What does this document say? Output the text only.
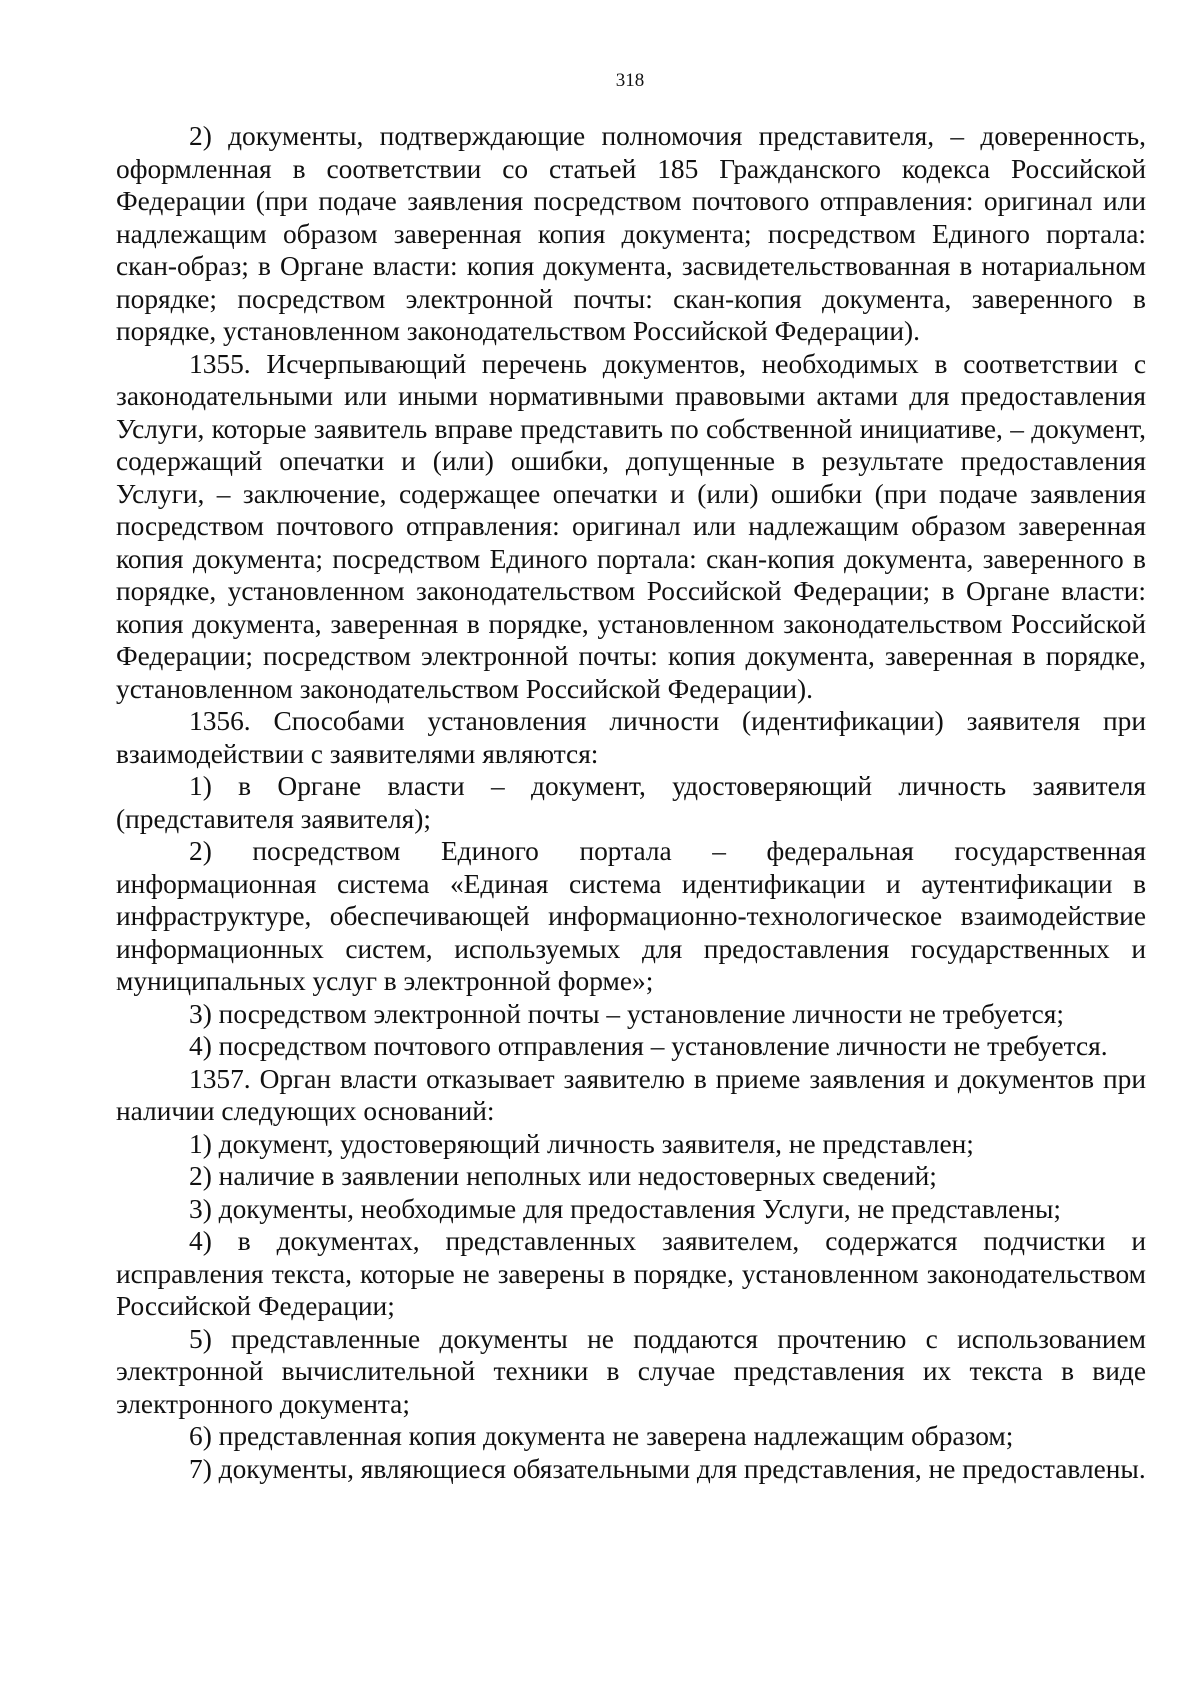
318

2) документы, подтверждающие полномочия представителя, – доверенность, оформленная в соответствии со статьей 185 Гражданского кодекса Российской Федерации (при подаче заявления посредством почтового отправления: оригинал или надлежащим образом заверенная копия документа; посредством Единого портала: скан-образ; в Органе власти: копия документа, засвидетельствованная в нотариальном порядке; посредством электронной почты: скан-копия документа, заверенного в порядке, установленном законодательством Российской Федерации).

1355. Исчерпывающий перечень документов, необходимых в соответствии с законодательными или иными нормативными правовыми актами для предоставления Услуги, которые заявитель вправе представить по собственной инициативе, – документ, содержащий опечатки и (или) ошибки, допущенные в результате предоставления Услуги, – заключение, содержащее опечатки и (или) ошибки (при подаче заявления посредством почтового отправления: оригинал или надлежащим образом заверенная копия документа; посредством Единого портала: скан-копия документа, заверенного в порядке, установленном законодательством Российской Федерации; в Органе власти: копия документа, заверенная в порядке, установленном законодательством Российской Федерации; посредством электронной почты: копия документа, заверенная в порядке, установленном законодательством Российской Федерации).

1356. Способами установления личности (идентификации) заявителя при взаимодействии с заявителями являются:

1) в Органе власти – документ, удостоверяющий личность заявителя (представителя заявителя);

2) посредством Единого портала – федеральная государственная информационная система «Единая система идентификации и аутентификации в инфраструктуре, обеспечивающей информационно-технологическое взаимодействие информационных систем, используемых для предоставления государственных и муниципальных услуг в электронной форме»;

3) посредством электронной почты – установление личности не требуется;

4) посредством почтового отправления – установление личности не требуется.

1357. Орган власти отказывает заявителю в приеме заявления и документов при наличии следующих оснований:

1) документ, удостоверяющий личность заявителя, не представлен;

2) наличие в заявлении неполных или недостоверных сведений;

3) документы, необходимые для предоставления Услуги, не представлены;

4) в документах, представленных заявителем, содержатся подчистки и исправления текста, которые не заверены в порядке, установленном законодательством Российской Федерации;

5) представленные документы не поддаются прочтению с использованием электронной вычислительной техники в случае представления их текста в виде электронного документа;

6) представленная копия документа не заверена надлежащим образом;

7) документы, являющиеся обязательными для представления, не предоставлены.
